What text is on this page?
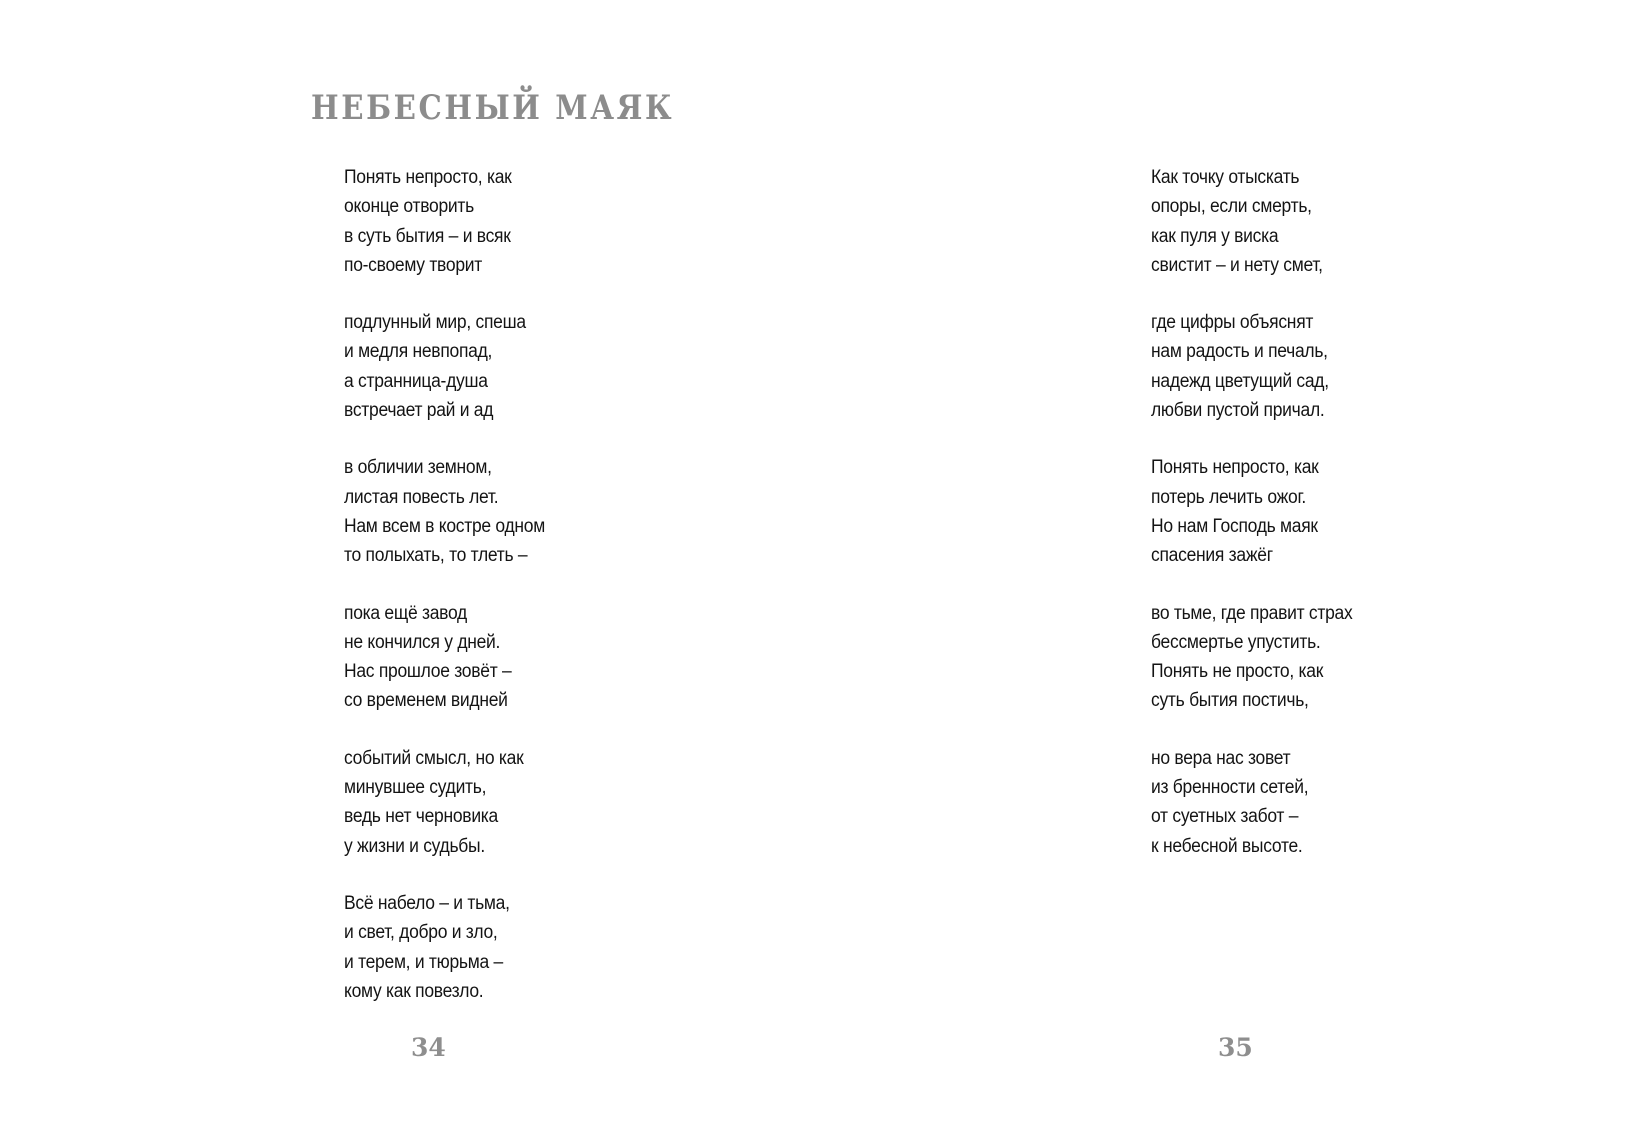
НЕБЕСНЫЙ МАЯК
Понять непросто, как
оконце отворить
в суть бытия – и всяк
по-своему творит
подлунный мир, спеша
и медля невпопад,
а странница-душа
встречает рай и ад
в обличии земном,
листая повесть лет.
Нам всем в костре одном
то полыхать, то тлеть –
пока ещё завод
не кончился у дней.
Нас прошлое зовёт –
со временем видней
событий смысл, но как
минувшее судить,
ведь нет черновика
у жизни и судьбы.
Всё набело – и тьма,
и свет, добро и зло,
и терем, и тюрьма –
кому как повезло.
34
Как точку отыскать
опоры, если смерть,
как пуля у виска
свистит – и нету смет,
где цифры объяснят
нам радость и печаль,
надежд цветущий сад,
любви пустой причал.
Понять непросто, как
потерь лечить ожог.
Но нам Господь маяк
спасения зажёг
во тьме, где правит страх
бессмертье упустить.
Понять не просто, как
суть бытия постичь,
но вера нас зовет
из бренности сетей,
от суетных забот –
к небесной высоте.
35
